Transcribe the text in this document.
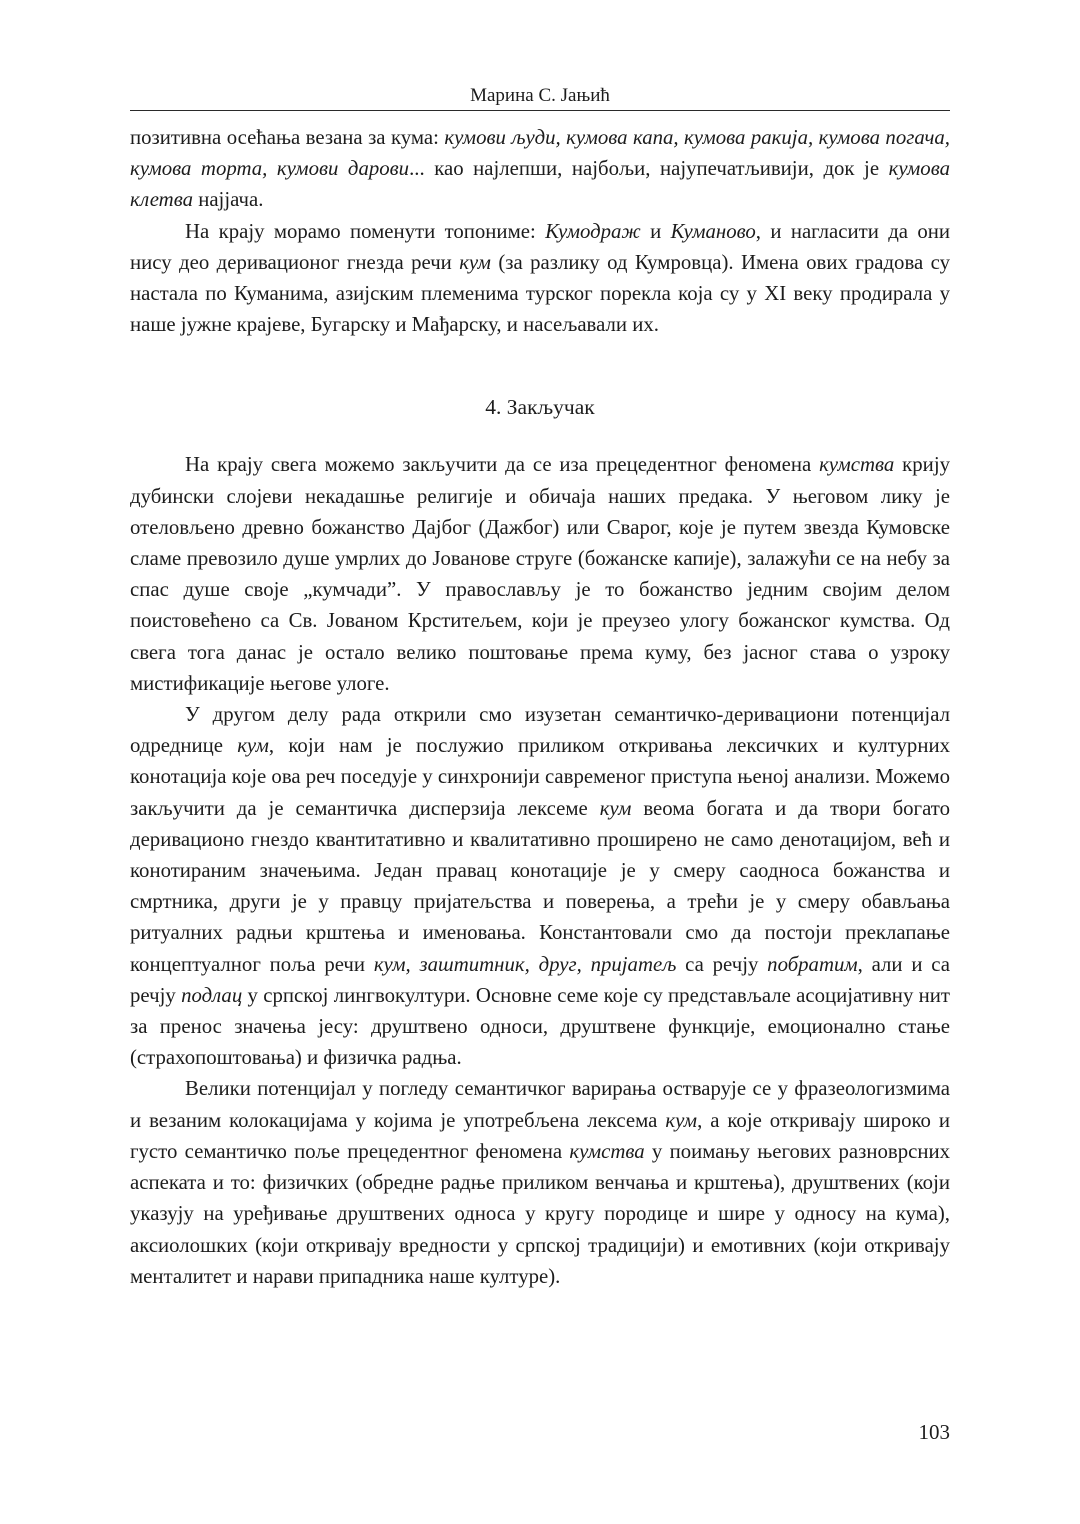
Марина С. Јањић

позитивна осећања везана за кума: кумови људи, кумова капа, кумова ракија, кумова погача, кумова торта, кумови дарови... као најлепши, најбољи, најупечатљивији, док је кумова клетва најјача.

На крају морамо поменути топониме: Кумодраж и Куманово, и нагласити да они нису део деривационог гнезда речи кум (за разлику од Кумровца). Имена ових градова су настала по Куманима, азијским племенима турског порекла која су у XI веку продирала у наше јужне крајеве, Бугарску и Мађарску, и насељавали их.

4. Закључак

На крају свега можемо закључити да се иза прецедентног феномена кумства крију дубински слојеви некадашње религије и обичаја наших предака. У његовом лику је отеловљено древно божанство Дајбог (Дажбог) или Сварог, које је путем звезда Кумовске сламе превозило душе умрлих до Јованове струге (божанске капије), залажући се на небу за спас душе своје „кумчади”. У православљу је то божанство једним својим делом поистовећено са Св. Јованом Крститељем, који је преузео улогу божанског кумства. Од свега тога данас је остало велико поштовање према куму, без јасног става о узроку мистификације његове улоге.

У другом делу рада открили смо изузетан семантичко-деривациони потенцијал одреднице кум, који нам је послужио приликом откривања лексичких и културних конотација које ова реч поседује у синхронији савременог приступа њеној анализи. Можемо закључити да је семантичка дисперзија лексеме кум веома богата и да твори богато деривационо гнездо квантитативно и квалитативно проширено не само денотацијом, већ и конотираним значењима. Један правац конотације је у смеру саодноса божанства и смртника, други је у правцу пријатељства и поверења, а трећи је у смеру обављања ритуалних радњи крштења и именовања. Константовали смо да постоји преклапање концептуалног поља речи кум, заштитник, друг, пријатељ са речју побратим, али и са речју подлац у српској лингвокултури. Основне семе које су представљале асоцијативну нит за пренос значења јесу: друштвено односи, друштвене функције, емоционално стање (страхопоштовања) и физичка радња.

Велики потенцијал у погледу семантичког варирања остварује се у фразеологизмима и везаним колокацијама у којима је употребљена лексема кум, а које откривају широко и густо семантичко поље прецедентног феномена кумства у поимању његових разноврсних аспеката и то: физичких (обредне радње приликом венчања и крштења), друштвених (који указују на уређивање друштвених односа у кругу породице и шире у односу на кума), аксиолошких (који откривају вредности у српској традицији) и емотивних (који откривају менталитет и нарави припадника наше културе).

103
